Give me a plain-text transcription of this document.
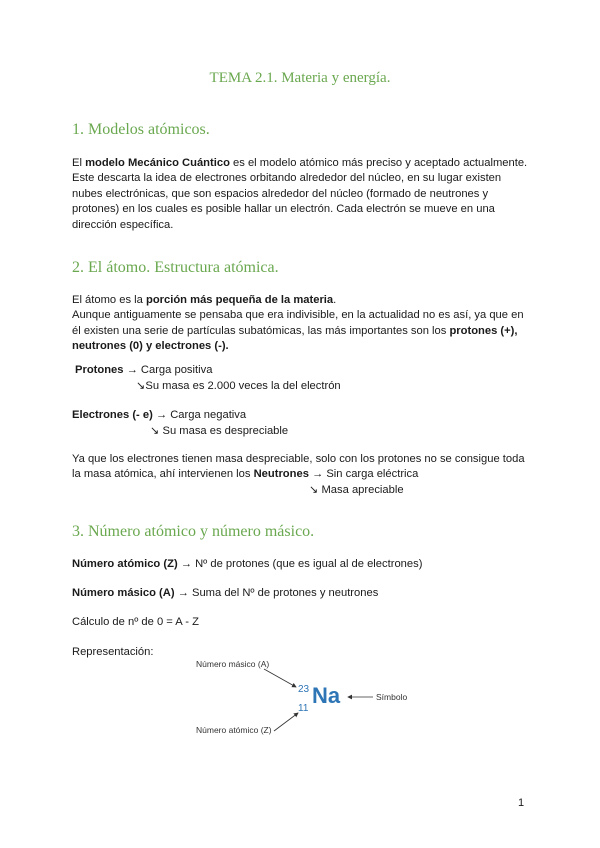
TEMA 2.1. Materia y energía.
1. Modelos atómicos.
El modelo Mecánico Cuántico es el modelo atómico más preciso y aceptado actualmente.
Este descarta la idea de electrones orbitando alrededor del núcleo, en su lugar existen
nubes electrónicas, que son espacios alrededor del núcleo (formado de neutrones y
protones) en los cuales es posible hallar un electrón. Cada electrón se mueve en una
dirección específica.
2. El átomo. Estructura atómica.
El átomo es la porción más pequeña de la materia.
Aunque antiguamente se pensaba que era indivisible, en la actualidad no es así, ya que en
él existen una serie de partículas subatómicas, las más importantes son los protones (+),
neutrones (0) y electrones (-).
Protones → Carga positiva
↘Su masa es 2.000 veces la del electrón
Electrones (- e) → Carga negativa
↘ Su masa es despreciable
Ya que los electrones tienen masa despreciable, solo con los protones no se consigue toda
la masa atómica, ahí intervienen los Neutrones → Sin carga eléctrica
↘ Masa apreciable
3. Número atómico y número másico.
Número atómico (Z) → Nº de protones (que es igual al de electrones)
Número másico (A) → Suma del Nº de protones y neutrones
Cálculo de nº de 0 = A - Z
Representación:
Número másico (A)
Número atómico (Z)
Símbolo
23
11
Na
1
